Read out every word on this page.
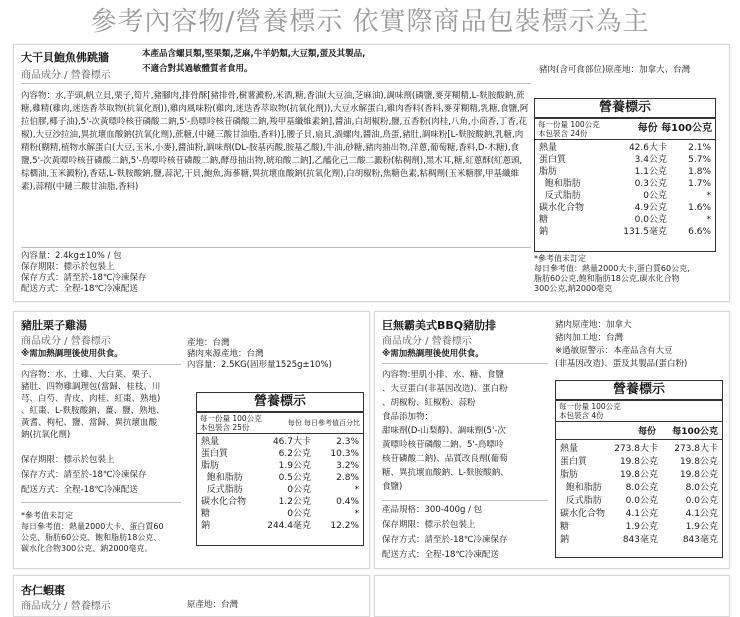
參考內容物/營養標示 依實際商品包裝標示為主
大干貝鮑魚佛跳牆
商品成分 / 營養標示
本產品含螺貝類,堅果類,芝麻,牛羊奶類,大豆類,蛋及其製品,
不適合對其過敏體質者食用。	豬肉(含可食部位)原產地：加拿大、台灣
內容物：水,芋頭,帆立貝,栗子,筍片,豬腳肉,排骨酥[豬排骨,樹薯澱粉,米酒,糖,香油(大豆油,芝麻油),調味劑(磷鹽,麥芽糊精,L-麩胺酸鈉,蔗糖,雞精(雞肉,迷迭香萃取物(抗氧化劑)),雞肉風味粉(雞肉,迷迭香萃取物(抗氧化劑)),大豆水解蛋白,雞肉香料(香料,麥芽糊精,乳糖,食鹽,阿拉伯膠,椰子油),5'-次黃嘌呤核苷磷酸二鈉,5'-鳥嘌呤核苷磷酸二鈉,羧甲基纖維素鈉],醬油,白胡椒粉,鹽,五香粉(肉桂,八角,小茴香,丁香,花椒),大豆沙拉油,異抗壞血酸鈉(抗氧化劑),蔗糖,(中鏈三酸甘油脂,香料)],腰子貝,扇貝,渦螺肉,醬油,鳥蛋,豬肚,調味粉[L-麩胺酸鈉,乳糖,肉精粉(糊精,植物水解蛋白(大豆,玉米,小麥),醬油粉,調味劑(DL-胺基丙酸,胺基乙酸),牛油,砂糖,豬肉抽出物,洋蔥,葡萄糖,香料,D-木糖),食鹽,5'-次黃嘌呤核苷磷酸二鈉,5'-鳥嘌呤核苷磷酸二鈉,酵母抽出物,琥珀酸二鈉],乙醯化己二酸二澱粉(粘稠劑),黑木耳,糖,紅蔥酥(紅蔥頭,棕櫚油,玉米澱粉),香菇,L-麩胺酸鈉,鹽,蒜泥,干貝,鮑魚,海蔘糖,異抗壞血酸鈉(抗氧化劑),白胡椒粉,焦糖色素,粘稠劑(玉米糖膠,甲基纖維素),蒜精(中鏈三酸甘油脂,香料)
內容量：2.4kg±10% / 包
保存期限：標示於包裝上
保存方式：請至於-18℃冷凍保存
配送方式：全程-18℃冷凍配送
營養標示
每一份量 100公克
本包裝含 24份	每份 每100公克
熱量	42.6大卡	2.1%
蛋白質	3.4公克	5.7%
脂肪	1.1公克	1.8%
飽和脂肪	0.3公克	1.7%
反式脂肪	0公克	*
碳水化合物	4.9公克	1.6%
糖	0.0公克	*
鈉	131.5毫克	6.6%
*參考值未訂定
每日參考值：熱量2000大卡,蛋白質60公克,
脂肪60公克,飽和脂肪18公克,碳水化合物
300公克,鈉2000毫克
豬肚栗子雞湯
商品成分 / 營養標示
※需加熱調理後使用供食。
產地：台灣
豬肉來源產地：台灣
內容量：2.5KG(固形量1525g±10%)
內容物：水、土雞、大白菜、栗子、
豬肚、四物雞調理包(當歸、桂枝、川
芎、白芍、青皮、肉桂、紅棗、熟地)
、紅棗、L-麩胺酸鈉、薑、鹽、熟地、
黃耆、枸杞、鹽、當歸、異抗壞血酸
鈉(抗氧化劑)
保存期限：標示於包裝上
保存方式：請至於-18℃冷凍保存
配送方式：全程-18℃冷凍配送
*參考值未訂定
每日參考值：熱量2000大卡、蛋白質60
公克、脂肪60公克、飽和脂肪18公克、
碳水化合物300公克、鈉2000毫克。
營養標示
每一份量 100公克
本包裝含 25份	每份 每日參考值百分比
熱量	46.7大卡	2.3%
蛋白質	6.2公克	10.3%
脂肪	1.9公克	3.2%
飽和脂肪	0.5公克	2.8%
反式脂肪	0公克	*
碳水化合物	1.2公克	0.4%
糖	0公克	*
鈉	244.4毫克	12.2%
巨無霸美式BBQ豬肋排
商品成分 / 營養標示
※需加熱調理後使用供食。
豬肉原產地：加拿大
豬肉加工地：台灣
※過敏原警示：本產品含有大豆
(非基因改造)、蛋及其製品(蛋白粉)
內容物:里肌小排、水、糖、食鹽
、大豆蛋白(非基因改造)、蛋白粉
、胡椒粉、紅椒粉、蒜粉
食品添加物：
甜味劑(D-山梨醇)、調味劑(5'-次
黃嘌呤核苷磷酸二鈉、5'-鳥嘌呤
核苷磷酸二鈉)、品質改良劑(葡萄
糖、異抗壞血酸鈉、L-麩胺酸鈉、
食鹽)
產品規格：300-400g / 包
保存期限：標示於包裝上
保存方式：請至於-18℃冷凍保存
配送方式：全程-18℃冷凍配送
營養標示
每一份量 100公克
本包裝含 4份
每份	每100公克
熱量	273.8大卡	273.8大卡
蛋白質	19.8公克	19.8公克
脂肪	19.8公克	19.8公克
飽和脂肪	8.0公克	8.0公克
反式脂肪	0.0公克	0.0公克
碳水化合物	4.1公克	4.1公克
糖	1.9公克	1.9公克
鈉	843毫克	843毫克
杏仁蝦棗
商品成分 / 營養標示	原產地：台灣
